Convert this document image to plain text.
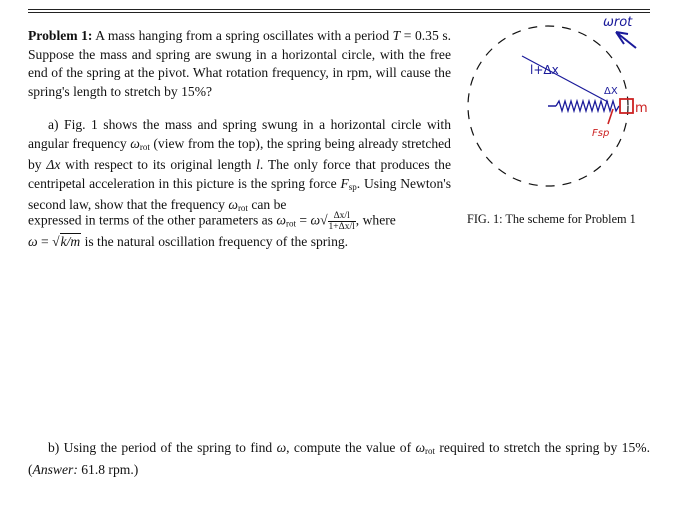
Problem 1: A mass hanging from a spring oscillates with a period T = 0.35 s. Suppose the mass and spring are swung in a horizontal circle, with the free end of the spring at the pivot. What rotation frequency, in rpm, will cause the spring's length to stretch by 15%?

a) Fig. 1 shows the mass and spring swung in a horizontal circle with angular frequency $\omega_{rot}$ (view from the top), the spring being already stretched by Δx with respect to its original length l. The only force that produces the centripetal acceleration in this picture is the spring force $F_{sp}$. Using Newton's second law, show that the frequency $\omega_{rot}$ can be

expressed in terms of the other parameters as $\omega_{rot} = \omega√ \frac{\Delta x/l}{1+\Delta x/l}$ , where
ω = √k/m is the natural oscillation frequency of the spring.

b) Using the period of the spring to find ω, compute the value of $\omega_{rot}$ required to stretch the spring by 15%. (Answer: 61.8 rpm.)

ωrot
l+Δx
m
ΔX
Fsp
FIG. 1: The scheme for Problem 1
